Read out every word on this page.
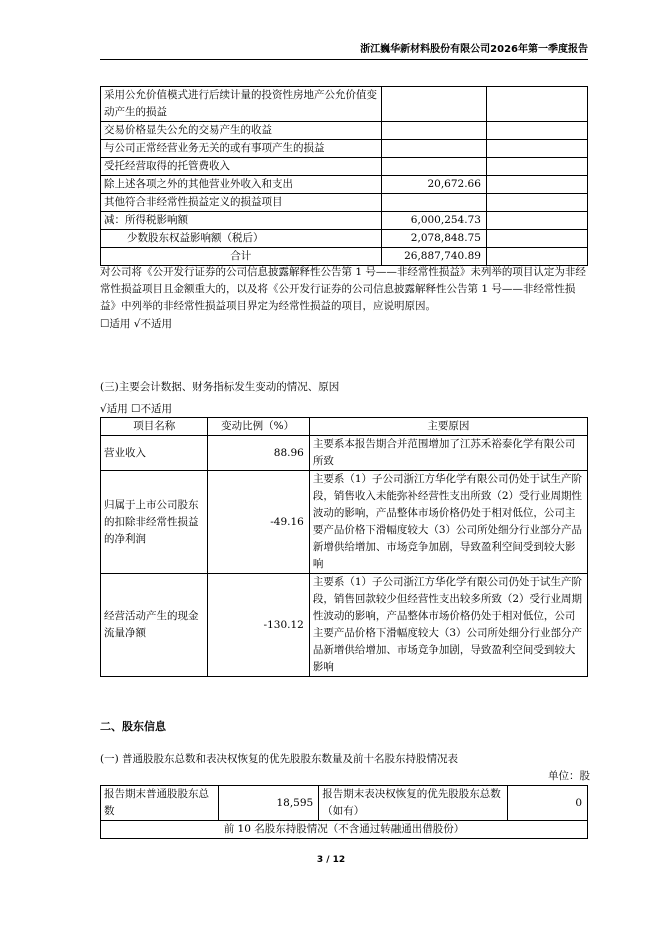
浙江巍华新材料股份有限公司2026年第一季度报告
采用公允价值模式进行后续计量的投资性房地产公允价值变动产生的损益		
交易价格显失公允的交易产生的收益		
与公司正常经营业务无关的或有事项产生的损益		
受托经营取得的托管费收入		
除上述各项之外的其他营业外收入和支出	20,672.66	
其他符合非经常性损益定义的损益项目		
减：所得税影响额	6,000,254.73	
少数股东权益影响额（税后）	2,078,848.75	
合计	26,887,740.89	
对公司将《公开发行证券的公司信息披露解释性公告第 1 号——非经常性损益》未列举的项目认定为非经常性损益项目且金额重大的，以及将《公开发行证券的公司信息披露解释性公告第 1 号——非经常性损益》中列举的非经常性损益项目界定为经常性损益的项目，应说明原因。
☐适用 √不适用
(三)主要会计数据、财务指标发生变动的情况、原因
√适用 ☐不适用
项目名称	变动比例（%）	主要原因
营业收入	88.96	主要系本报告期合并范围增加了江苏禾裕泰化学有限公司所致
归属于上市公司股东的扣除非经常性损益的净利润	-49.16	主要系（1）子公司浙江方华化学有限公司仍处于试生产阶段，销售收入未能弥补经营性支出所致（2）受行业周期性波动的影响，产品整体市场价格仍处于相对低位，公司主要产品价格下滑幅度较大（3）公司所处细分行业部分产品新增供给增加、市场竞争加剧，导致盈利空间受到较大影响
经营活动产生的现金流量净额	-130.12	主要系（1）子公司浙江方华化学有限公司仍处于试生产阶段，销售回款较少但经营性支出较多所致（2）受行业周期性波动的影响，产品整体市场价格仍处于相对低位，公司主要产品价格下滑幅度较大（3）公司所处细分行业部分产品新增供给增加、市场竞争加剧，导致盈利空间受到较大影响
二、股东信息
(一) 普通股股东总数和表决权恢复的优先股股东数量及前十名股东持股情况表
单位：股
报告期末普通股股东总数	18,595	报告期末表决权恢复的优先股股东总数（如有）	0
前 10 名股东持股情况（不含通过转融通出借股份）
3 / 12
